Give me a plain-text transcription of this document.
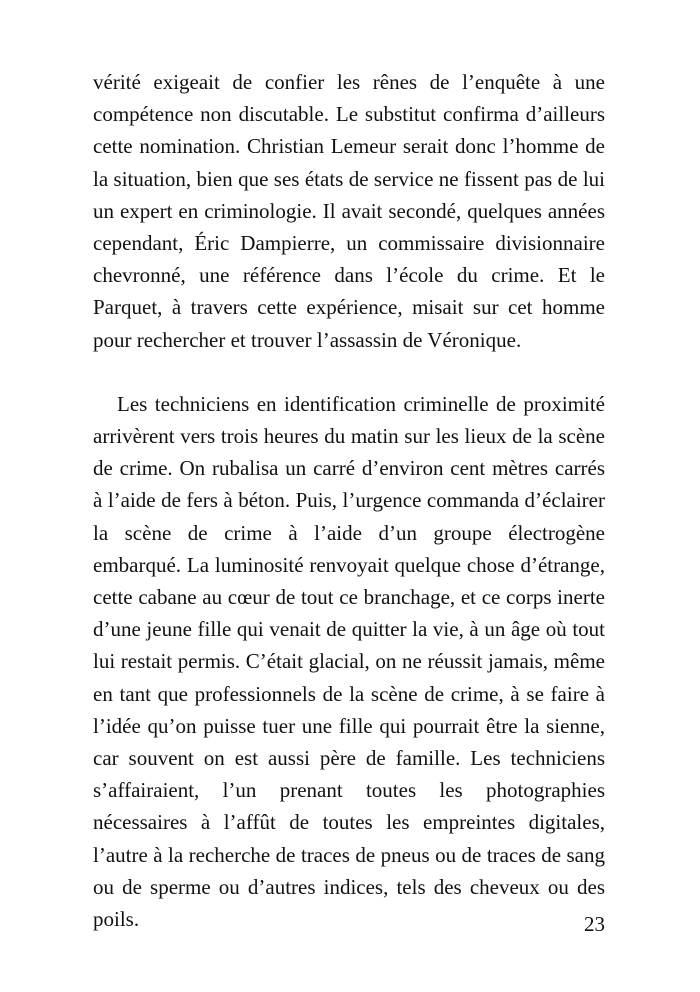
vérité exigeait de confier les rênes de l’enquête à une compétence non discutable. Le substitut confirma d’ailleurs cette nomination. Christian Lemeur serait donc l’homme de la situation, bien que ses états de service ne fissent pas de lui un expert en criminologie. Il avait secondé, quelques années cependant, Éric Dampierre, un commissaire divisionnaire chevronné, une référence dans l’école du crime. Et le Parquet, à travers cette expérience, misait sur cet homme pour rechercher et trouver l’assassin de Véronique.

Les techniciens en identification criminelle de proximité arrivèrent vers trois heures du matin sur les lieux de la scène de crime. On rubalisa un carré d’environ cent mètres carrés à l’aide de fers à béton. Puis, l’urgence commanda d’éclairer la scène de crime à l’aide d’un groupe électrogène embarqué. La luminosité renvoyait quelque chose d’étrange, cette cabane au cœur de tout ce branchage, et ce corps inerte d’une jeune fille qui venait de quitter la vie, à un âge où tout lui restait permis. C’était glacial, on ne réussit jamais, même en tant que professionnels de la scène de crime, à se faire à l’idée qu’on puisse tuer une fille qui pourrait être la sienne, car souvent on est aussi père de famille. Les techniciens s’affairaient, l’un prenant toutes les photographies nécessaires à l’affût de toutes les empreintes digitales, l’autre à la recherche de traces de pneus ou de traces de sang ou de sperme ou d’autres indices, tels des cheveux ou des poils.	23
